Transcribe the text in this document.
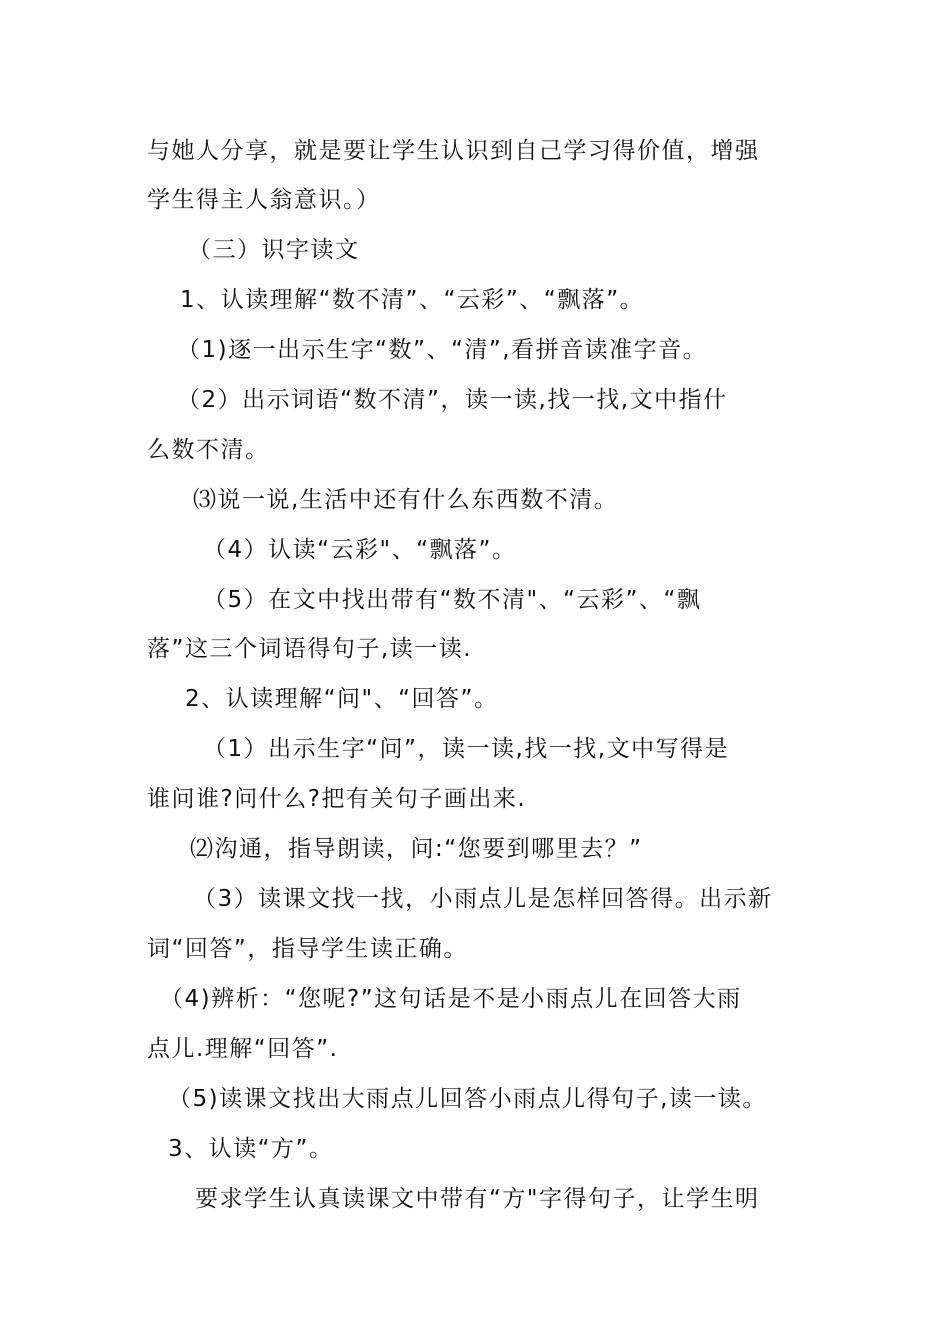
与她人分享，就是要让学生认识到自己学习得价值，增强
学生得主人翁意识。）
（三）识字读文
1、认读理解“数不清”、“云彩”、“飘落”。
（1)逐一出示生字“数”、“清”,看拼音读准字音。
（2）出示词语“数不清”，读一读,找一找,文中指什
么数不清。
⑶说一说,生活中还有什么东西数不清。
（4）认读“云彩"、“飘落”。
（5）在文中找出带有“数不清"、“云彩”、“飘
落”这三个词语得句子,读一读.
2、认读理解“问"、“回答”。
（1）出示生字“问”，读一读,找一找,文中写得是
谁问谁?问什么?把有关句子画出来.
⑵沟通，指导朗读，问:“您要到哪里去？”
（3）读课文找一找，小雨点儿是怎样回答得。出示新
词“回答”，指导学生读正确。
（4)辨析：“您呢?”这句话是不是小雨点儿在回答大雨
点儿.理解“回答”.
（5)读课文找出大雨点儿回答小雨点儿得句子,读一读。
3、认读“方”。
要求学生认真读课文中带有“方"字得句子，让学生明
